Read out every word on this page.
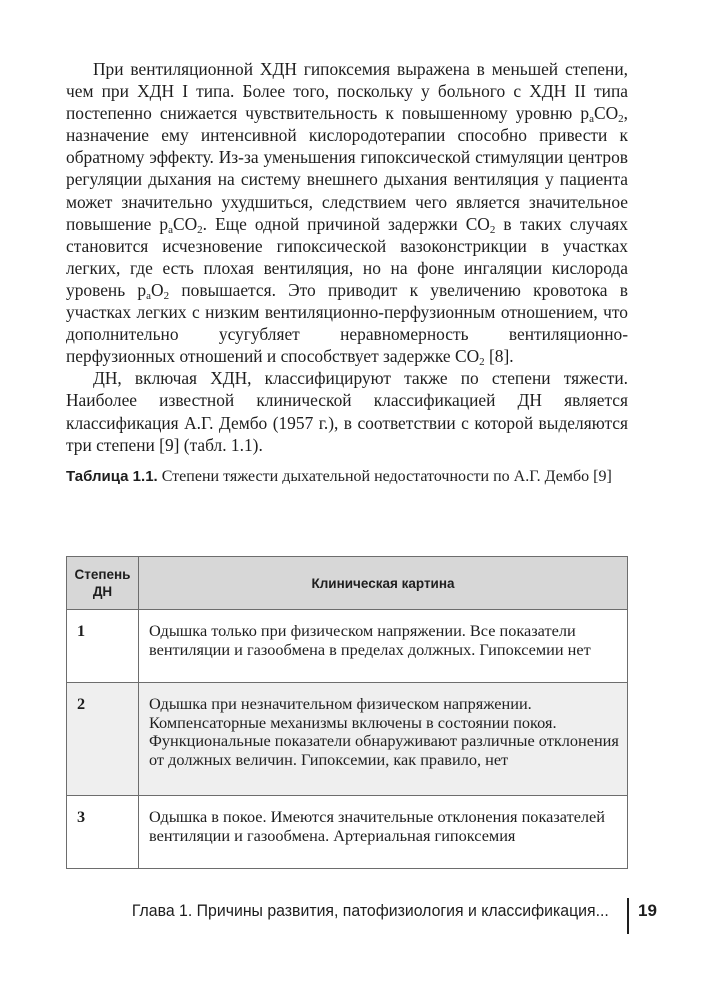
При вентиляционной ХДН гипоксемия выражена в меньшей степени, чем при ХДН I типа. Более того, поскольку у больного с ХДН II типа постепенно снижается чувствительность к повышенному уровню $p_aCO_2$, назначение ему интенсивной кислородотерапии способно привести к обратному эффекту. Из-за уменьшения гипоксической стимуляции центров регуляции дыхания на систему внешнего дыхания вентиляция у пациента может значительно ухудшиться, следствием чего является значительное повышение $p_aCO_2$. Еще одной причиной задержки $CO_2$ в таких случаях становится исчезновение гипоксической вазоконстрикции в участках легких, где есть плохая вентиляция, но на фоне ингаляции кислорода уровень $p_aO_2$ повышается. Это приводит к увеличению кровотока в участках легких с низким вентиляционно-перфузионным отношением, что дополнительно усугубляет неравномерность вентиляционно-перфузионных отношений и способствует задержке $CO_2$ [8].

ДН, включая ХДН, классифицируют также по степени тяжести. Наиболее известной клинической классификацией ДН является классификация А.Г. Дембо (1957 г.), в соответствии с которой выделяются три степени [9] (табл. 1.1).

Таблица 1.1. Степени тяжести дыхательной недостаточности по А.Г. Дембо [9]
Степень ДН	Клиническая картина
1	Одышка только при физическом напряжении. Все показатели вентиляции и газообмена в пределах должных. Гипоксемии нет
2	Одышка при незначительном физическом напряжении. Компенсаторные механизмы включены в состоянии покоя. Функциональные показатели обнаруживают различные отклонения от должных величин. Гипоксемии, как правило, нет
3	Одышка в покое. Имеются значительные отклонения показателей вентиляции и газообмена. Артериальная гипоксемия
Глава 1. Причины развития, патофизиология и классификация... 19
